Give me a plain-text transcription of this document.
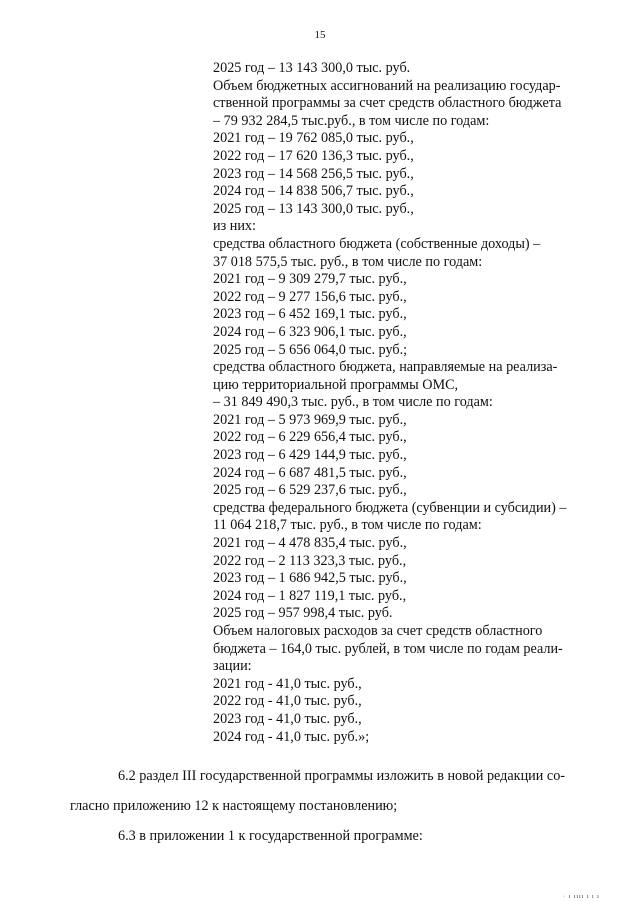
15
2025 год – 13 143 300,0 тыс. руб.
Объем бюджетных ассигнований на реализацию государ-
ственной программы за счет средств областного бюджета
– 79 932 284,5 тыс.руб., в том числе по годам:
2021 год – 19 762 085,0 тыс. руб.,
2022 год – 17 620 136,3 тыс. руб.,
2023 год – 14 568 256,5 тыс. руб.,
2024 год – 14 838 506,7 тыс. руб.,
2025 год – 13 143 300,0 тыс. руб.,
из них:
средства областного бюджета (собственные доходы) –
37 018 575,5 тыс. руб., в том числе по годам:
2021 год – 9 309 279,7 тыс. руб.,
2022 год – 9 277 156,6 тыс. руб.,
2023 год – 6 452 169,1 тыс. руб.,
2024 год – 6 323 906,1 тыс. руб.,
2025 год – 5 656 064,0 тыс. руб.;
средства областного бюджета, направляемые на реализа-
цию территориальной программы ОМС,
– 31 849 490,3 тыс. руб., в том числе по годам:
2021 год – 5 973 969,9 тыс. руб.,
2022 год – 6 229 656,4 тыс. руб.,
2023 год – 6 429 144,9 тыс. руб.,
2024 год – 6 687 481,5 тыс. руб.,
2025 год – 6 529 237,6 тыс. руб.,
средства федерального бюджета (субвенции и субсидии) –
11 064 218,7 тыс. руб., в том числе по годам:
2021 год – 4 478 835,4 тыс. руб.,
2022 год – 2 113 323,3 тыс. руб.,
2023 год – 1 686 942,5 тыс. руб.,
2024 год – 1 827 119,1 тыс. руб.,
2025 год – 957 998,4 тыс. руб.
Объем налоговых расходов за счет средств областного
бюджета – 164,0 тыс. рублей, в том числе по годам реали-
зации:
2021 год - 41,0 тыс. руб.,
2022 год - 41,0 тыс. руб.,
2023 год - 41,0 тыс. руб.,
2024 год - 41,0 тыс. руб.»;
6.2 раздел III государственной программы изложить в новой редакции со-
гласно приложению 12 к настоящему постановлению;
6.3 в приложении 1 к государственной программе:
· ı ıııı ı ı ı
